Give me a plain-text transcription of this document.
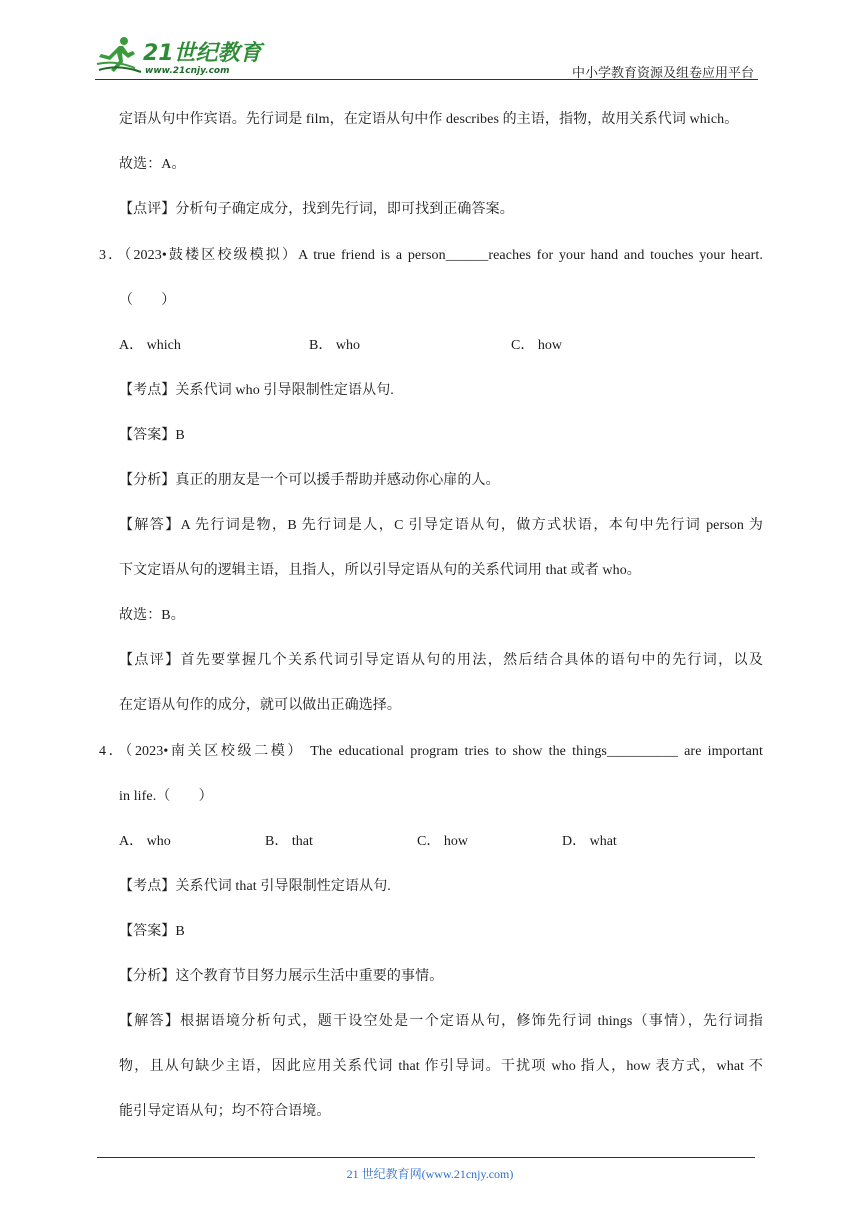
21世纪教育
www.21cnjy.com	中小学教育资源及组卷应用平台
定语从句中作宾语。先行词是 film，在定语从句中作 describes 的主语，指物，故用关系代词 which。
故选：A。
【点评】分析句子确定成分，找到先行词，即可找到正确答案。
3．（2023•鼓楼区校级模拟）A true friend is a person______reaches for your hand and touches your heart.
（　　）
A． which	B． who	C． how
【考点】关系代词 who 引导限制性定语从句.
【答案】B
【分析】真正的朋友是一个可以援手帮助并感动你心扉的人。
【解答】A 先行词是物，B 先行词是人，C 引导定语从句，做方式状语，本句中先行词 person 为
下文定语从句的逻辑主语，且指人，所以引导定语从句的关系代词用 that 或者 who。
故选：B。
【点评】首先要掌握几个关系代词引导定语从句的用法，然后结合具体的语句中的先行词，以及
在定语从句作的成分，就可以做出正确选择。
4．（2023•南关区校级二模） The educational program tries to show the things__________ are important
in life.（　　）
A． who	B． that	C． how	D． what
【考点】关系代词 that 引导限制性定语从句.
【答案】B
【分析】这个教育节目努力展示生活中重要的事情。
【解答】根据语境分析句式，题干设空处是一个定语从句，修饰先行词 things（事情），先行词指
物，且从句缺少主语，因此应用关系代词 that 作引导词。干扰项 who 指人，how 表方式，what 不
能引导定语从句；均不符合语境。
21 世纪教育网(www.21cnjy.com)
